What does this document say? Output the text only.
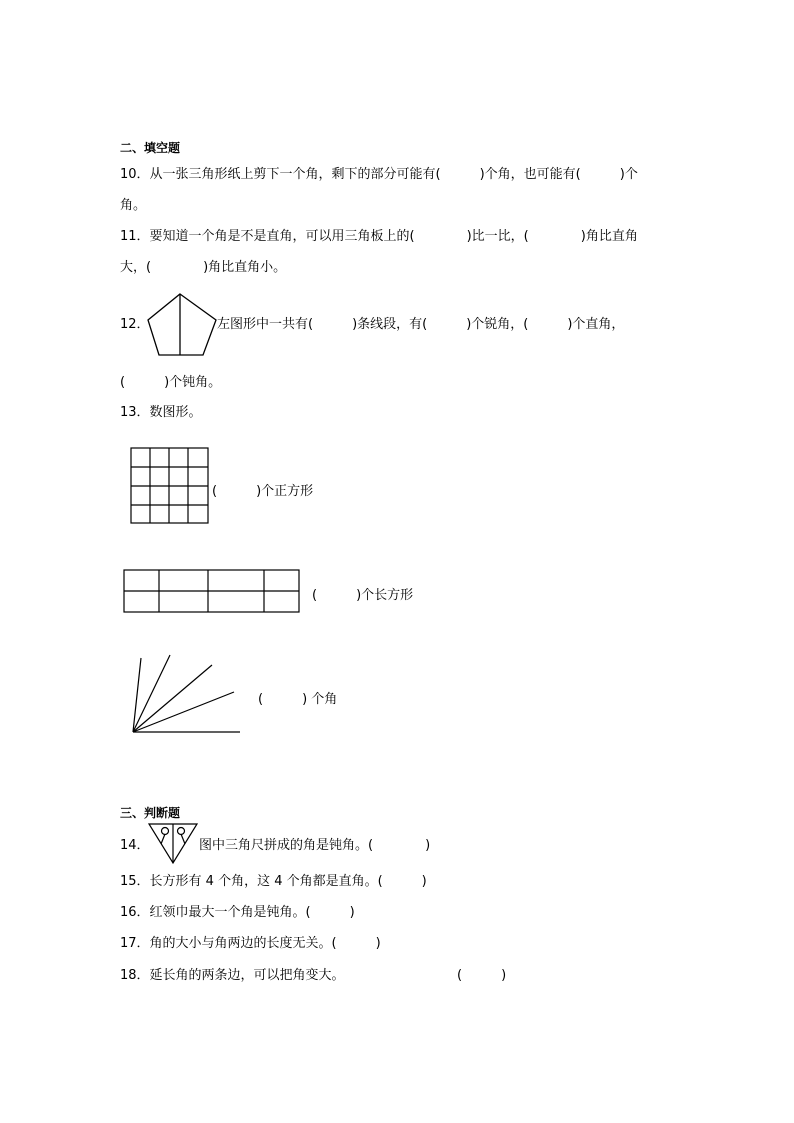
二、填空题
10．从一张三角形纸上剪下一个角，剩下的部分可能有(　　　)个角，也可能有(　　　)个
角。
11．要知道一个角是不是直角，可以用三角板上的(　　　　)比一比，(　　　　)角比直角
大，(　　　　)角比直角小。
12．	左图形中一共有(　　　)条线段，有(　　　)个锐角，(　　　)个直角，
(　　　)个钝角。
13．数图形。
(　　　)个正方形
(　　　)个长方形
(　　　) 个角
三、判断题
14．	图中三角尺拼成的角是钝角。(　　　　)
15．长方形有 4 个角，这 4 个角都是直角。(　　　)
16．红领巾最大一个角是钝角。(　　　)
17．角的大小与角两边的长度无关。(　　　)
18．延长角的两条边，可以把角变大。	(　　　)
